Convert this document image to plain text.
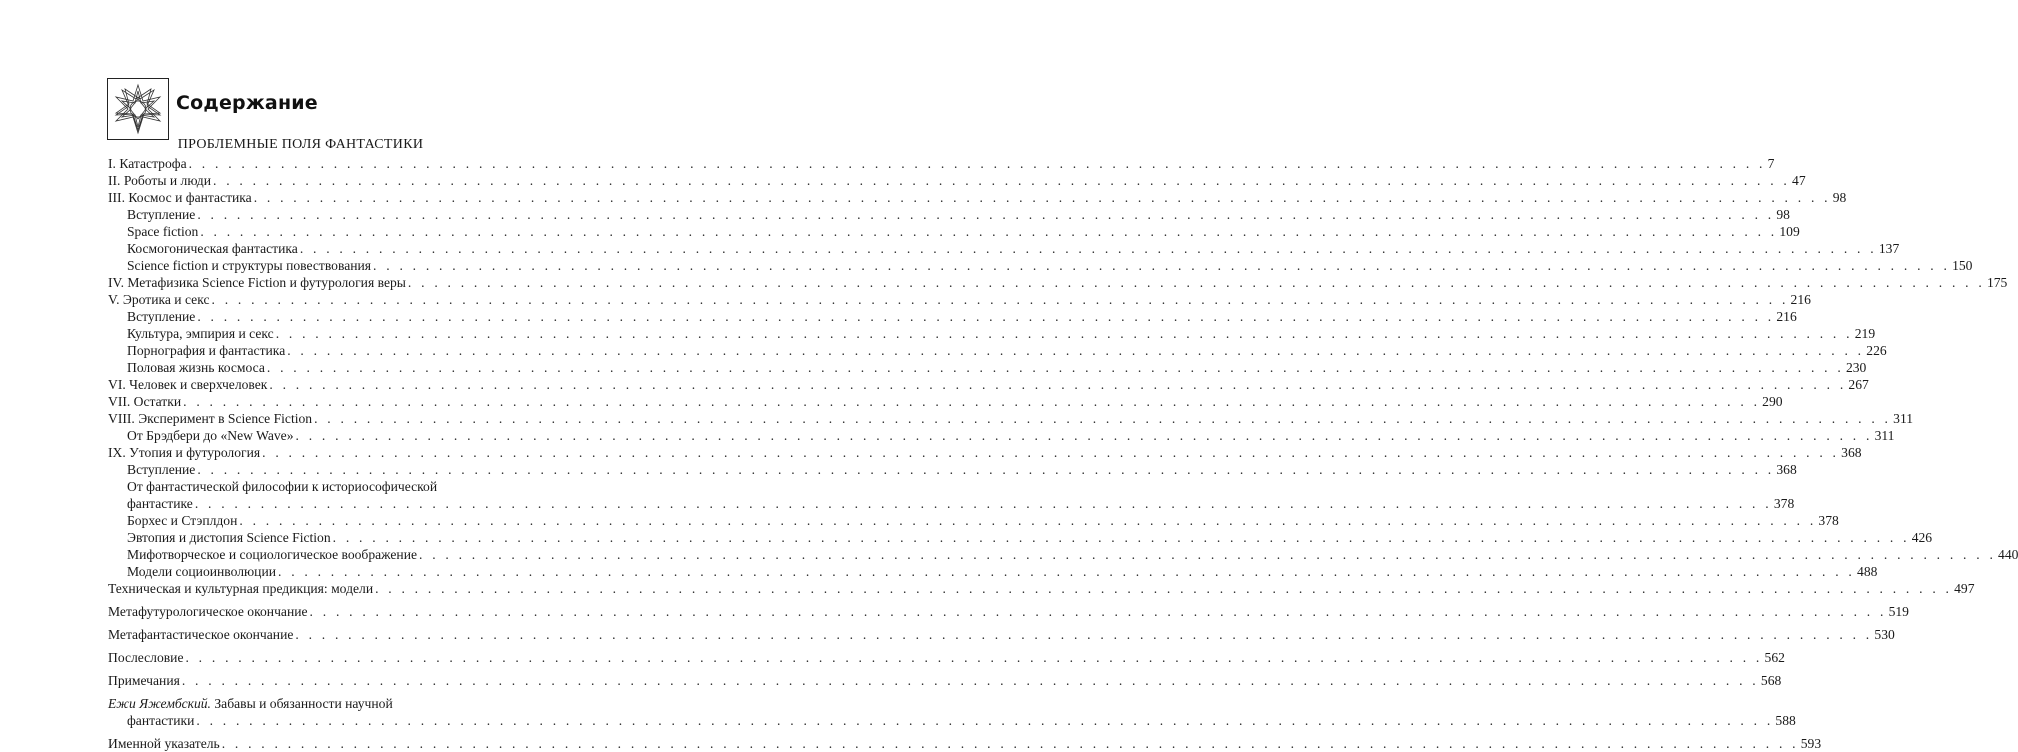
Содержание
ПРОБЛЕМНЫЕ ПОЛЯ ФАНТАСТИКИ
I. Катастрофа . . . . . . . . . . . . . . . . . . . . . . . . . . . . . . . . . . . . . . . . . . . . . . . . . . . . . . . . . . . . . . . . . . . . . . . . . . . . . . . . . . . . . . . . . . . . . . . . . . . . . . . . . . . . . . . . . . . . . . . . 7
II. Роботы и люди . . . . . . . . . . . . . . . . . . . . . . . . . . . . . . . . . . . . . . . . . . . . . . . . . . . . . . . . . . . . . . . . . . . . . . . . . . . . . . . . . . . . . . . . . . . . . . . . . . . . . . . . . . . . . . . . . . . . . . . . 47
III. Космос и фантастика . . . . . . . . . . . . . . . . . . . . . . . . . . . . . . . . . . . . . . . . . . . . . . . . . . . . . . . . . . . . . . . . . . . . . . . . . . . . . . . . . . . . . . . . . . . . . . . . . . . . . . . . . . . . . . . . . . . . . . . . 98
Вступление . . . . . . . . . . . . . . . . . . . . . . . . . . . . . . . . . . . . . . . . . . . . . . . . . . . . . . . . . . . . . . . . . . . . . . . . . . . . . . . . . . . . . . . . . . . . . . . . . . . . . . . . . . . . . . . . . . . . . . . . 98
Space fiction . . . . . . . . . . . . . . . . . . . . . . . . . . . . . . . . . . . . . . . . . . . . . . . . . . . . . . . . . . . . . . . . . . . . . . . . . . . . . . . . . . . . . . . . . . . . . . . . . . . . . . . . . . . . . . . . . . . . . . . . 109
Космогоническая фантастика . . . . . . . . . . . . . . . . . . . . . . . . . . . . . . . . . . . . . . . . . . . . . . . . . . . . . . . . . . . . . . . . . . . . . . . . . . . . . . . . . . . . . . . . . . . . . . . . . . . . . . . . . . . . . . . . . . . . . . . . 137
Science fiction и структуры повествования . . . . . . . . . . . . . . . . . . . . . . . . . . . . . . . . . . . . . . . . . . . . . . . . . . . . . . . . . . . . . . . . . . . . . . . . . . . . . . . . . . . . . . . . . . . . . . . . . . . . . . . . . . . . . . . . . . . . . . . . 150
IV. Метафизика Science Fiction и футурология веры . . . . . . . . . . . . . . . . . . . . . . . . . . . . . . . . . . . . . . . . . . . . . . . . . . . . . . . . . . . . . . . . . . . . . . . . . . . . . . . . . . . . . . . . . . . . . . . . . . . . . . . . . . . . . . . . . . . . . . . . 175
V. Эротика и секс . . . . . . . . . . . . . . . . . . . . . . . . . . . . . . . . . . . . . . . . . . . . . . . . . . . . . . . . . . . . . . . . . . . . . . . . . . . . . . . . . . . . . . . . . . . . . . . . . . . . . . . . . . . . . . . . . . . . . . . . 216
Вступление . . . . . . . . . . . . . . . . . . . . . . . . . . . . . . . . . . . . . . . . . . . . . . . . . . . . . . . . . . . . . . . . . . . . . . . . . . . . . . . . . . . . . . . . . . . . . . . . . . . . . . . . . . . . . . . . . . . . . . . . 216
Культура, эмпирия и секс . . . . . . . . . . . . . . . . . . . . . . . . . . . . . . . . . . . . . . . . . . . . . . . . . . . . . . . . . . . . . . . . . . . . . . . . . . . . . . . . . . . . . . . . . . . . . . . . . . . . . . . . . . . . . . . . . . . . . . . . 219
Порнография и фантастика . . . . . . . . . . . . . . . . . . . . . . . . . . . . . . . . . . . . . . . . . . . . . . . . . . . . . . . . . . . . . . . . . . . . . . . . . . . . . . . . . . . . . . . . . . . . . . . . . . . . . . . . . . . . . . . . . . . . . . . . 226
Половая жизнь космоса . . . . . . . . . . . . . . . . . . . . . . . . . . . . . . . . . . . . . . . . . . . . . . . . . . . . . . . . . . . . . . . . . . . . . . . . . . . . . . . . . . . . . . . . . . . . . . . . . . . . . . . . . . . . . . . . . . . . . . . . 230
VI. Человек и сверхчеловек . . . . . . . . . . . . . . . . . . . . . . . . . . . . . . . . . . . . . . . . . . . . . . . . . . . . . . . . . . . . . . . . . . . . . . . . . . . . . . . . . . . . . . . . . . . . . . . . . . . . . . . . . . . . . . . . . . . . . . . . 267
VII. Остатки . . . . . . . . . . . . . . . . . . . . . . . . . . . . . . . . . . . . . . . . . . . . . . . . . . . . . . . . . . . . . . . . . . . . . . . . . . . . . . . . . . . . . . . . . . . . . . . . . . . . . . . . . . . . . . . . . . . . . . . . 290
VIII. Эксперимент в Science Fiction . . . . . . . . . . . . . . . . . . . . . . . . . . . . . . . . . . . . . . . . . . . . . . . . . . . . . . . . . . . . . . . . . . . . . . . . . . . . . . . . . . . . . . . . . . . . . . . . . . . . . . . . . . . . . . . . . . . . . . . . 311
От Брэдбери до «New Wave» . . . . . . . . . . . . . . . . . . . . . . . . . . . . . . . . . . . . . . . . . . . . . . . . . . . . . . . . . . . . . . . . . . . . . . . . . . . . . . . . . . . . . . . . . . . . . . . . . . . . . . . . . . . . . . . . . . . . . . . . 311
IX. Утопия и футурология . . . . . . . . . . . . . . . . . . . . . . . . . . . . . . . . . . . . . . . . . . . . . . . . . . . . . . . . . . . . . . . . . . . . . . . . . . . . . . . . . . . . . . . . . . . . . . . . . . . . . . . . . . . . . . . . . . . . . . . . 368
Вступление . . . . . . . . . . . . . . . . . . . . . . . . . . . . . . . . . . . . . . . . . . . . . . . . . . . . . . . . . . . . . . . . . . . . . . . . . . . . . . . . . . . . . . . . . . . . . . . . . . . . . . . . . . . . . . . . . . . . . . . . 368
От фантастической философии к историософической
фантастике . . . . . . . . . . . . . . . . . . . . . . . . . . . . . . . . . . . . . . . . . . . . . . . . . . . . . . . . . . . . . . . . . . . . . . . . . . . . . . . . . . . . . . . . . . . . . . . . . . . . . . . . . . . . . . . . . . . . . . . . 378
Борхес и Стэплдон . . . . . . . . . . . . . . . . . . . . . . . . . . . . . . . . . . . . . . . . . . . . . . . . . . . . . . . . . . . . . . . . . . . . . . . . . . . . . . . . . . . . . . . . . . . . . . . . . . . . . . . . . . . . . . . . . . . . . . . . 378
Эвтопия и дистопия Science Fiction . . . . . . . . . . . . . . . . . . . . . . . . . . . . . . . . . . . . . . . . . . . . . . . . . . . . . . . . . . . . . . . . . . . . . . . . . . . . . . . . . . . . . . . . . . . . . . . . . . . . . . . . . . . . . . . . . . . . . . . . 426
Мифотворческое и социологическое воображение . . . . . . . . . . . . . . . . . . . . . . . . . . . . . . . . . . . . . . . . . . . . . . . . . . . . . . . . . . . . . . . . . . . . . . . . . . . . . . . . . . . . . . . . . . . . . . . . . . . . . . . . . . . . . . . . . . . . . . . . 440
Модели социоинволюции . . . . . . . . . . . . . . . . . . . . . . . . . . . . . . . . . . . . . . . . . . . . . . . . . . . . . . . . . . . . . . . . . . . . . . . . . . . . . . . . . . . . . . . . . . . . . . . . . . . . . . . . . . . . . . . . . . . . . . . . 488
Техническая и культурная предикция: модели . . . . . . . . . . . . . . . . . . . . . . . . . . . . . . . . . . . . . . . . . . . . . . . . . . . . . . . . . . . . . . . . . . . . . . . . . . . . . . . . . . . . . . . . . . . . . . . . . . . . . . . . . . . . . . . . . . . . . . . . 497
Метафутурологическое окончание . . . . . . . . . . . . . . . . . . . . . . . . . . . . . . . . . . . . . . . . . . . . . . . . . . . . . . . . . . . . . . . . . . . . . . . . . . . . . . . . . . . . . . . . . . . . . . . . . . . . . . . . . . . . . . . . . . . . . . . . 519
Метафантастическое окончание . . . . . . . . . . . . . . . . . . . . . . . . . . . . . . . . . . . . . . . . . . . . . . . . . . . . . . . . . . . . . . . . . . . . . . . . . . . . . . . . . . . . . . . . . . . . . . . . . . . . . . . . . . . . . . . . . . . . . . . . 530
Послесловие . . . . . . . . . . . . . . . . . . . . . . . . . . . . . . . . . . . . . . . . . . . . . . . . . . . . . . . . . . . . . . . . . . . . . . . . . . . . . . . . . . . . . . . . . . . . . . . . . . . . . . . . . . . . . . . . . . . . . . . . 562
Примечания . . . . . . . . . . . . . . . . . . . . . . . . . . . . . . . . . . . . . . . . . . . . . . . . . . . . . . . . . . . . . . . . . . . . . . . . . . . . . . . . . . . . . . . . . . . . . . . . . . . . . . . . . . . . . . . . . . . . . . . . 568
Ежи Яжембский. Забавы и обязанности научной
фантастики . . . . . . . . . . . . . . . . . . . . . . . . . . . . . . . . . . . . . . . . . . . . . . . . . . . . . . . . . . . . . . . . . . . . . . . . . . . . . . . . . . . . . . . . . . . . . . . . . . . . . . . . . . . . . . . . . . . . . . . . 588
Именной указатель . . . . . . . . . . . . . . . . . . . . . . . . . . . . . . . . . . . . . . . . . . . . . . . . . . . . . . . . . . . . . . . . . . . . . . . . . . . . . . . . . . . . . . . . . . . . . . . . . . . . . . . . . . . . . . . . . . . . . . . . 593
